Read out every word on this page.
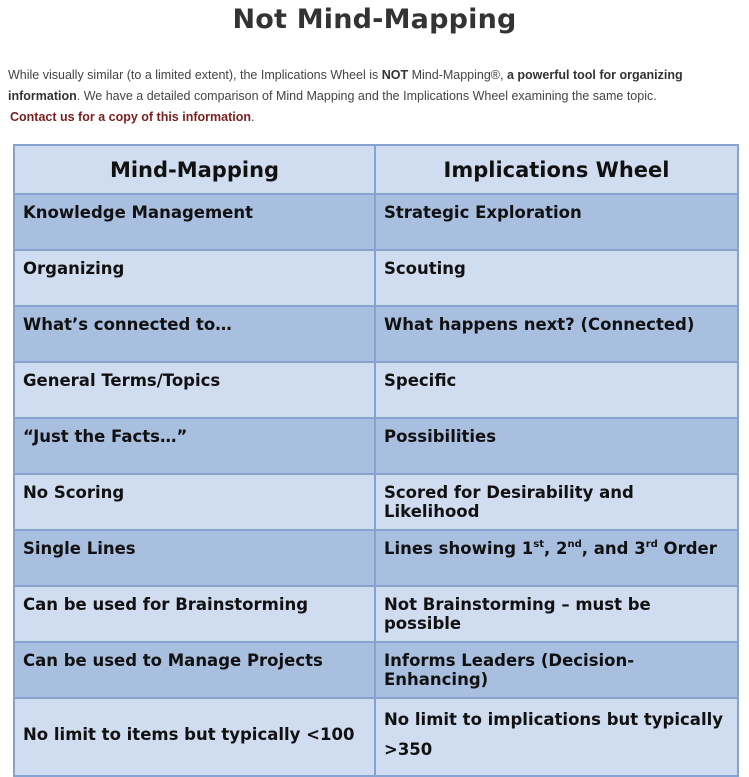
Not Mind-Mapping

While visually similar (to a limited extent), the Implications Wheel is NOT Mind-Mapping®, a powerful tool for organizing information. We have a detailed comparison of Mind Mapping and the Implications Wheel examining the same topic.
Contact us for a copy of this information.

Mind-Mapping	Implications Wheel
Knowledge Management	Strategic Exploration
Organizing	Scouting
What’s connected to…	What happens next? (Connected)
General Terms/Topics	Specific
“Just the Facts…”	Possibilities
No Scoring	Scored for Desirability and Likelihood
Single Lines	Lines showing 1st, 2nd, and 3rd Order
Can be used for Brainstorming	Not Brainstorming – must be possible
Can be used to Manage Projects	Informs Leaders (Decision-Enhancing)
No limit to items but typically <100	No limit to implications but typically >350
